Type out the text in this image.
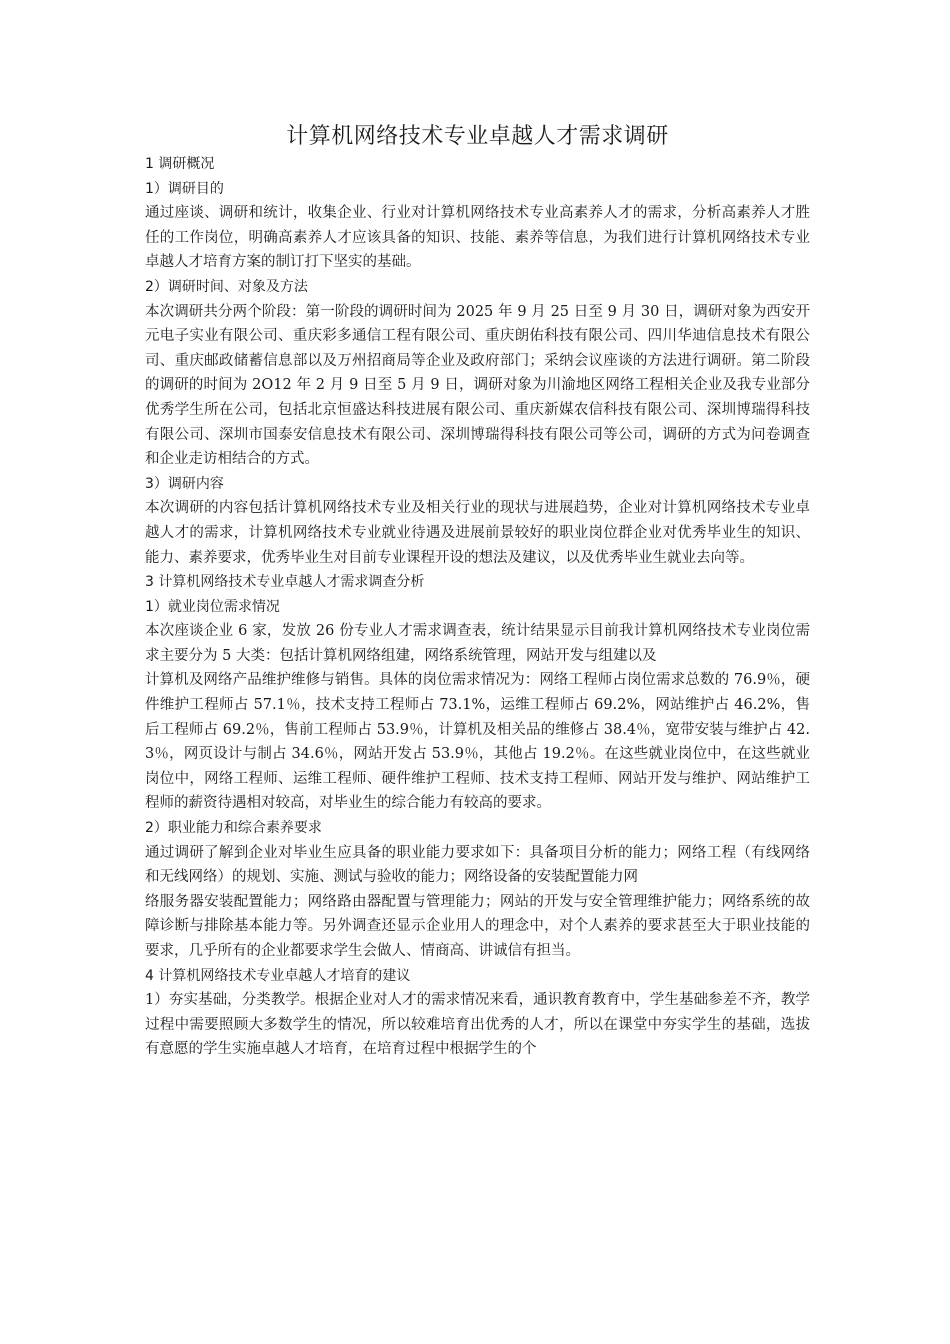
计算机网络技术专业卓越人才需求调研

1 调研概况

1）调研目的

通过座谈、调研和统计，收集企业、行业对计算机网络技术专业高素养人才的需求，分析高素养人才胜任的工作岗位，明确高素养人才应该具备的知识、技能、素养等信息，为我们进行计算机网络技术专业卓越人才培育方案的制订打下坚实的基础。

2）调研时间、对象及方法

本次调研共分两个阶段：第一阶段的调研时间为 2025 年 9 月 25 日至 9 月 30 日，调研对象为西安开元电子实业有限公司、重庆彩多通信工程有限公司、重庆朗佑科技有限公司、四川华迪信息技术有限公司、重庆邮政储蓄信息部以及万州招商局等企业及政府部门；采纳会议座谈的方法进行调研。第二阶段的调研的时间为 2O12 年 2 月 9 日至 5 月 9 日，调研对象为川渝地区网络工程相关企业及我专业部分优秀学生所在公司，包括北京恒盛达科技进展有限公司、重庆新媒农信科技有限公司、深圳博瑞得科技有限公司、深圳市国泰安信息技术有限公司、深圳博瑞得科技有限公司等公司，调研的方式为问卷调查和企业走访相结合的方式。

3）调研内容

本次调研的内容包括计算机网络技术专业及相关行业的现状与进展趋势，企业对计算机网络技术专业卓越人才的需求，计算机网络技术专业就业待遇及进展前景较好的职业岗位群企业对优秀毕业生的知识、能力、素养要求，优秀毕业生对目前专业课程开设的想法及建议，以及优秀毕业生就业去向等。

3 计算机网络技术专业卓越人才需求调查分析

1）就业岗位需求情况

本次座谈企业 6 家，发放 26 份专业人才需求调查表，统计结果显示目前我计算机网络技术专业岗位需求主要分为 5 大类：包括计算机网络组建，网络系统管理，网站开发与组建以及

计算机及网络产品维护维修与销售。具体的岗位需求情况为：网络工程师占岗位需求总数的 76.9％，硬件维护工程师占 57.1％，技术支持工程师占 73.1%，运维工程师占 69.2%，网站维护占 46.2%，售后工程师占 69.2％，售前工程师占 53.9％，计算机及相关品的维修占 38.4％，宽带安装与维护占 42.3％，网页设计与制占 34.6％，网站开发占 53.9％，其他占 19.2％。在这些就业岗位中，在这些就业岗位中，网络工程师、运维工程师、硬件维护工程师、技术支持工程师、网站开发与维护、网站维护工程师的薪资待遇相对较高，对毕业生的综合能力有较高的要求。

2）职业能力和综合素养要求

通过调研了解到企业对毕业生应具备的职业能力要求如下：具备项目分析的能力；网络工程（有线网络和无线网络）的规划、实施、测试与验收的能力；网络设备的安装配置能力网

络服务器安装配置能力；网络路由器配置与管理能力；网站的开发与安全管理维护能力；网络系统的故障诊断与排除基本能力等。另外调查还显示企业用人的理念中，对个人素养的要求甚至大于职业技能的要求，几乎所有的企业都要求学生会做人、情商高、讲诚信有担当。

4 计算机网络技术专业卓越人才培育的建议

1）夯实基础，分类教学。根据企业对人才的需求情况来看，通识教育教育中，学生基础参差不齐，教学过程中需要照顾大多数学生的情况，所以较难培育出优秀的人才，所以在课堂中夯实学生的基础，选拔有意愿的学生实施卓越人才培育，在培育过程中根据学生的个
